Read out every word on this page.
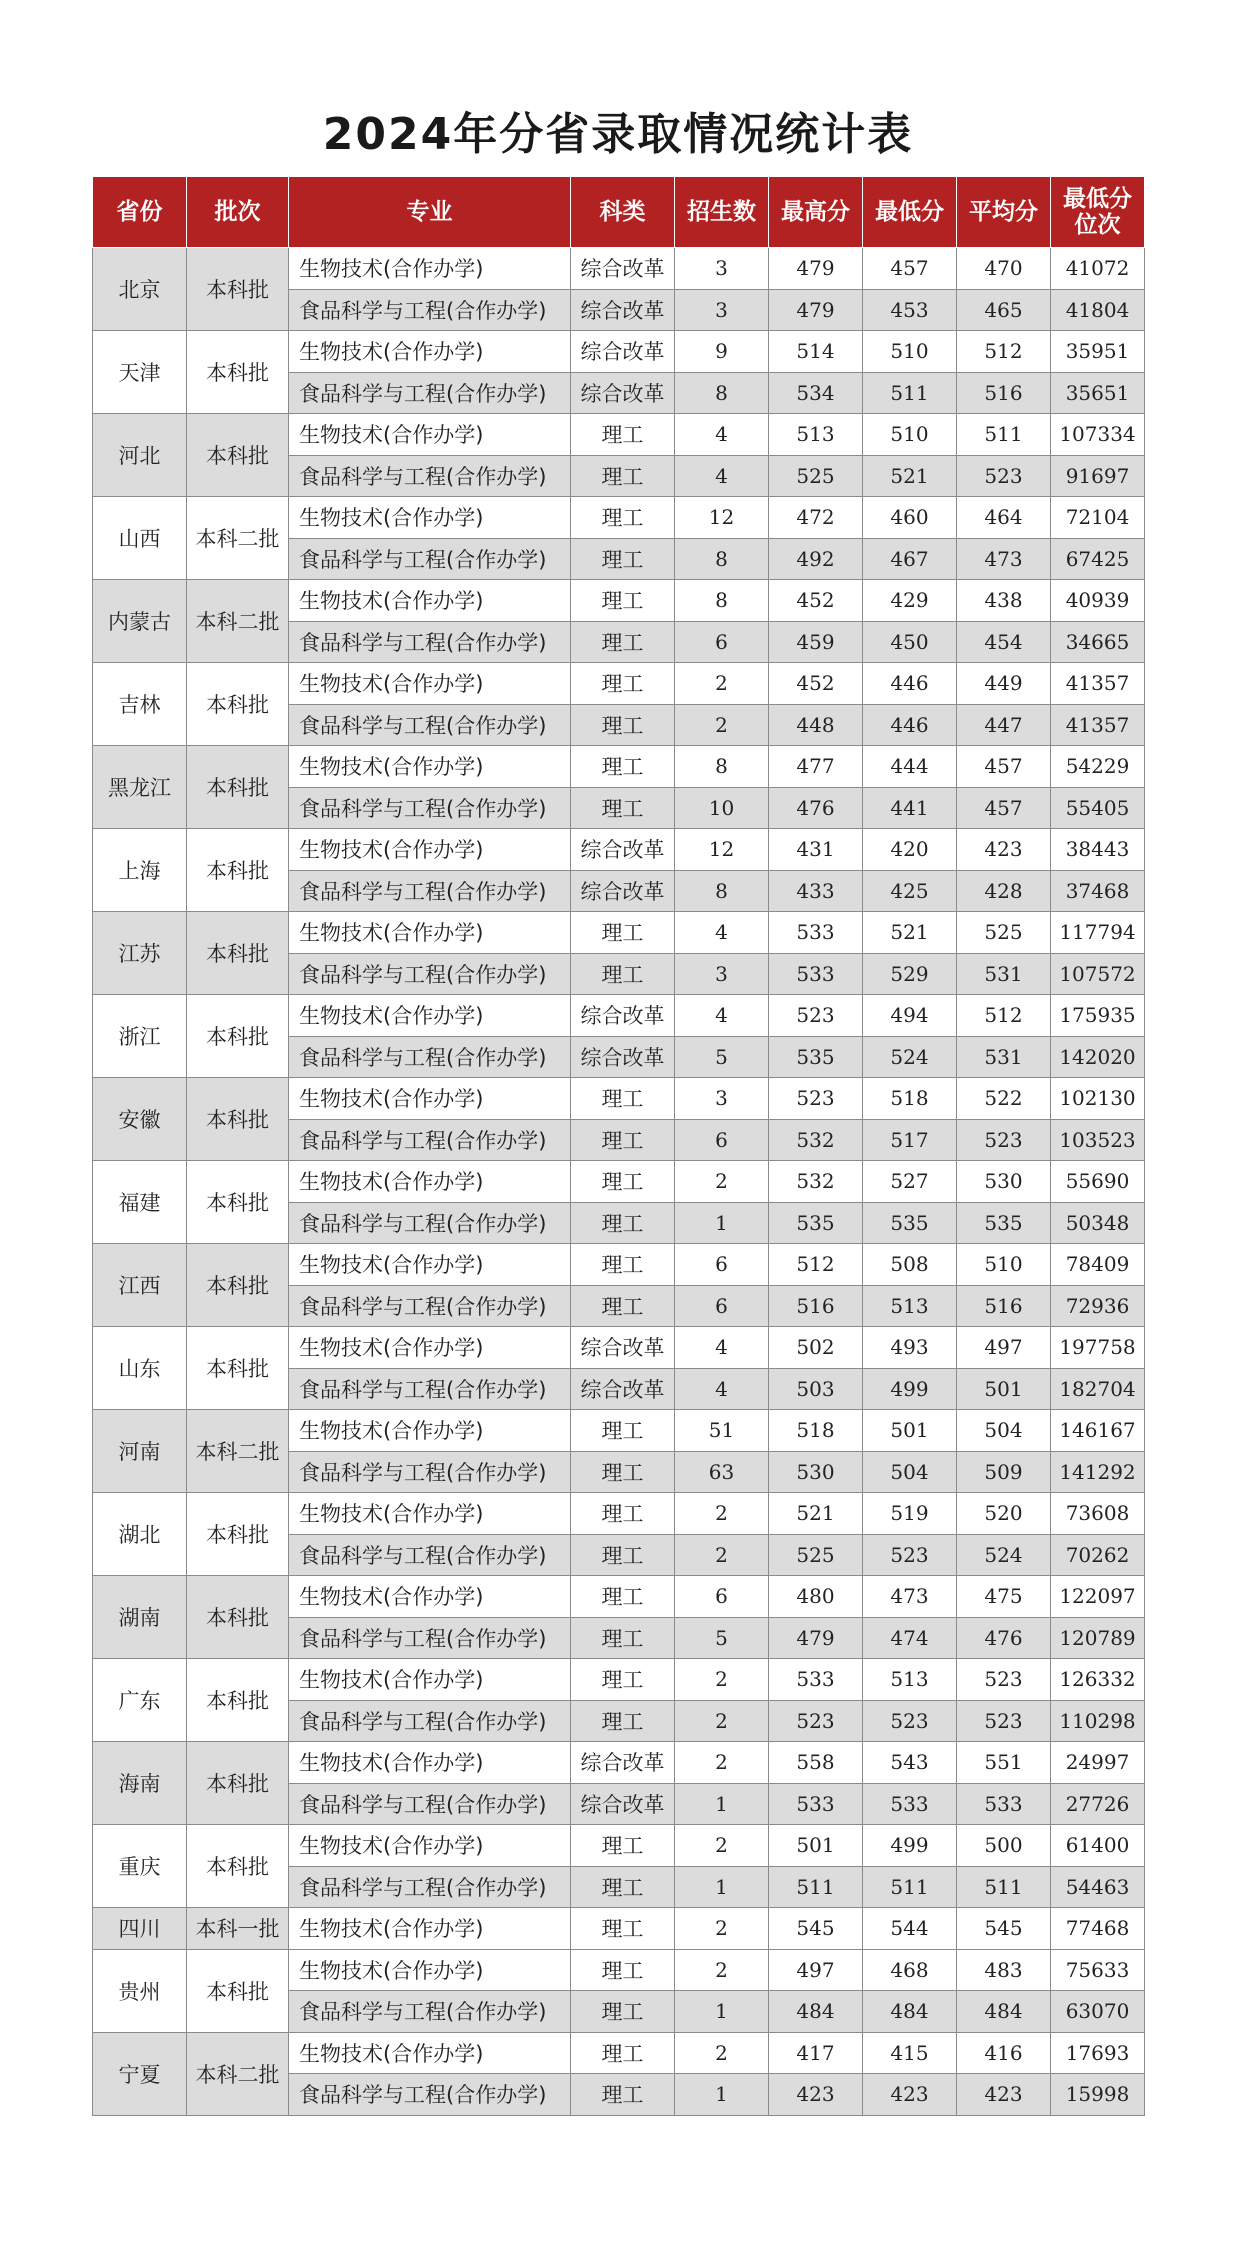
2024年分省录取情况统计表
省份	批次	专业	科类	招生数	最高分	最低分	平均分	最低分
位次

北京	本科批	生物技术(合作办学)	综合改革	3	479	457	470	41072
		食品科学与工程(合作办学)	综合改革	3	479	453	465	41804
天津	本科批	生物技术(合作办学)	综合改革	9	514	510	512	35951
		食品科学与工程(合作办学)	综合改革	8	534	511	516	35651
河北	本科批	生物技术(合作办学)	理工	4	513	510	511	107334
		食品科学与工程(合作办学)	理工	4	525	521	523	91697
山西	本科二批	生物技术(合作办学)	理工	12	472	460	464	72104
		食品科学与工程(合作办学)	理工	8	492	467	473	67425
内蒙古	本科二批	生物技术(合作办学)	理工	8	452	429	438	40939
		食品科学与工程(合作办学)	理工	6	459	450	454	34665
吉林	本科批	生物技术(合作办学)	理工	2	452	446	449	41357
		食品科学与工程(合作办学)	理工	2	448	446	447	41357
黑龙江	本科批	生物技术(合作办学)	理工	8	477	444	457	54229
		食品科学与工程(合作办学)	理工	10	476	441	457	55405
上海	本科批	生物技术(合作办学)	综合改革	12	431	420	423	38443
		食品科学与工程(合作办学)	综合改革	8	433	425	428	37468
江苏	本科批	生物技术(合作办学)	理工	4	533	521	525	117794
		食品科学与工程(合作办学)	理工	3	533	529	531	107572
浙江	本科批	生物技术(合作办学)	综合改革	4	523	494	512	175935
		食品科学与工程(合作办学)	综合改革	5	535	524	531	142020
安徽	本科批	生物技术(合作办学)	理工	3	523	518	522	102130
		食品科学与工程(合作办学)	理工	6	532	517	523	103523
福建	本科批	生物技术(合作办学)	理工	2	532	527	530	55690
		食品科学与工程(合作办学)	理工	1	535	535	535	50348
江西	本科批	生物技术(合作办学)	理工	6	512	508	510	78409
		食品科学与工程(合作办学)	理工	6	516	513	516	72936
山东	本科批	生物技术(合作办学)	综合改革	4	502	493	497	197758
		食品科学与工程(合作办学)	综合改革	4	503	499	501	182704
河南	本科二批	生物技术(合作办学)	理工	51	518	501	504	146167
		食品科学与工程(合作办学)	理工	63	530	504	509	141292
湖北	本科批	生物技术(合作办学)	理工	2	521	519	520	73608
		食品科学与工程(合作办学)	理工	2	525	523	524	70262
湖南	本科批	生物技术(合作办学)	理工	6	480	473	475	122097
		食品科学与工程(合作办学)	理工	5	479	474	476	120789
广东	本科批	生物技术(合作办学)	理工	2	533	513	523	126332
		食品科学与工程(合作办学)	理工	2	523	523	523	110298
海南	本科批	生物技术(合作办学)	综合改革	2	558	543	551	24997
		食品科学与工程(合作办学)	综合改革	1	533	533	533	27726
重庆	本科批	生物技术(合作办学)	理工	2	501	499	500	61400
		食品科学与工程(合作办学)	理工	1	511	511	511	54463
四川	本科一批	生物技术(合作办学)	理工	2	545	544	545	77468
贵州	本科批	生物技术(合作办学)	理工	2	497	468	483	75633
		食品科学与工程(合作办学)	理工	1	484	484	484	63070
宁夏	本科二批	生物技术(合作办学)	理工	2	417	415	416	17693
		食品科学与工程(合作办学)	理工	1	423	423	423	15998
